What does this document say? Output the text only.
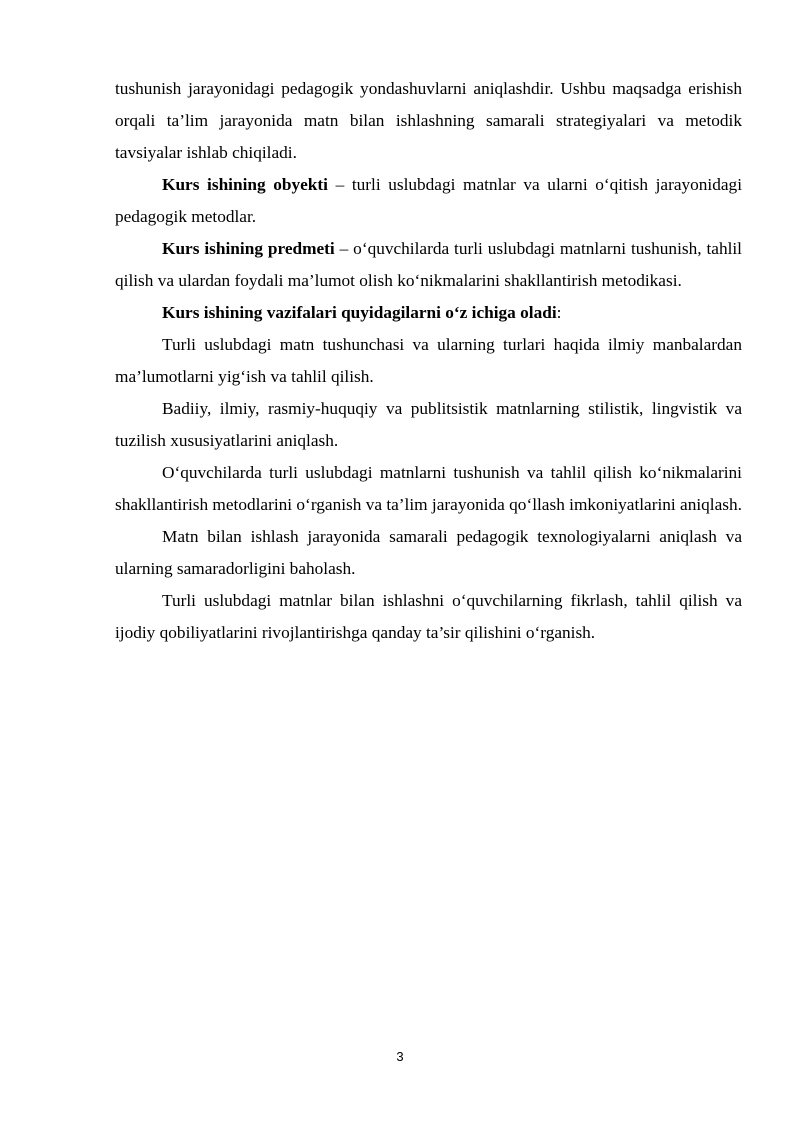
tushunish jarayonidagi pedagogik yondashuvlarni aniqlashdir. Ushbu maqsadga erishish orqali ta’lim jarayonida matn bilan ishlashning samarali strategiyalari va metodik tavsiyalar ishlab chiqiladi.

Kurs ishining obyekti – turli uslubdagi matnlar va ularni o‘qitish jarayonidagi pedagogik metodlar.

Kurs ishining predmeti – o‘quvchilarda turli uslubdagi matnlarni tushunish, tahlil qilish va ulardan foydali ma’lumot olish ko‘nikmalarini shakllantirish metodikasi.

Kurs ishining vazifalari quyidagilarni o‘z ichiga oladi:

Turli uslubdagi matn tushunchasi va ularning turlari haqida ilmiy manbalardan ma’lumotlarni yig‘ish va tahlil qilish.

Badiiy, ilmiy, rasmiy-huquqiy va publitsistik matnlarning stilistik, lingvistik va tuzilish xususiyatlarini aniqlash.

O‘quvchilarda turli uslubdagi matnlarni tushunish va tahlil qilish ko‘nikmalarini shakllantirish metodlarini o‘rganish va ta’lim jarayonida qo‘llash imkoniyatlarini aniqlash.

Matn bilan ishlash jarayonida samarali pedagogik texnologiyalarni aniqlash va ularning samaradorligini baholash.

Turli uslubdagi matnlar bilan ishlashni o‘quvchilarning fikrlash, tahlil qilish va ijodiy qobiliyatlarini rivojlantirishga qanday ta’sir qilishini o‘rganish.

3
